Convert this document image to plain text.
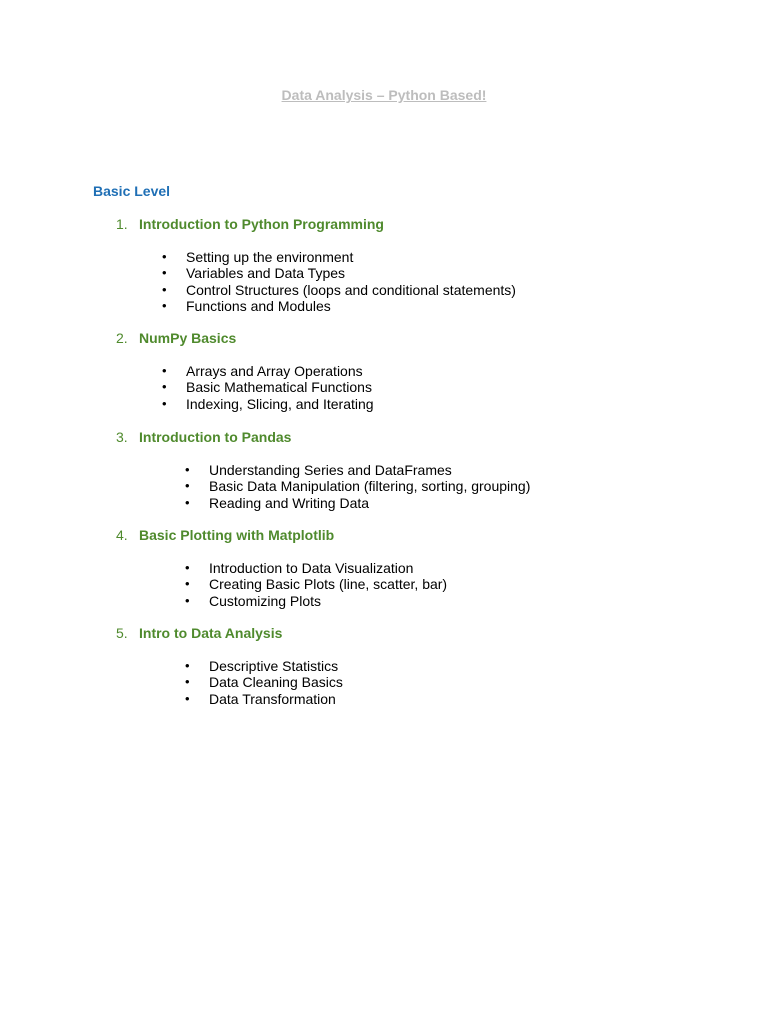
Data Analysis – Python Based!
Basic Level
1. Introduction to Python Programming
• Setting up the environment
• Variables and Data Types
• Control Structures (loops and conditional statements)
• Functions and Modules
2. NumPy Basics
• Arrays and Array Operations
• Basic Mathematical Functions
• Indexing, Slicing, and Iterating
3. Introduction to Pandas
• Understanding Series and DataFrames
• Basic Data Manipulation (filtering, sorting, grouping)
• Reading and Writing Data
4. Basic Plotting with Matplotlib
• Introduction to Data Visualization
• Creating Basic Plots (line, scatter, bar)
• Customizing Plots
5. Intro to Data Analysis
• Descriptive Statistics
• Data Cleaning Basics
• Data Transformation
